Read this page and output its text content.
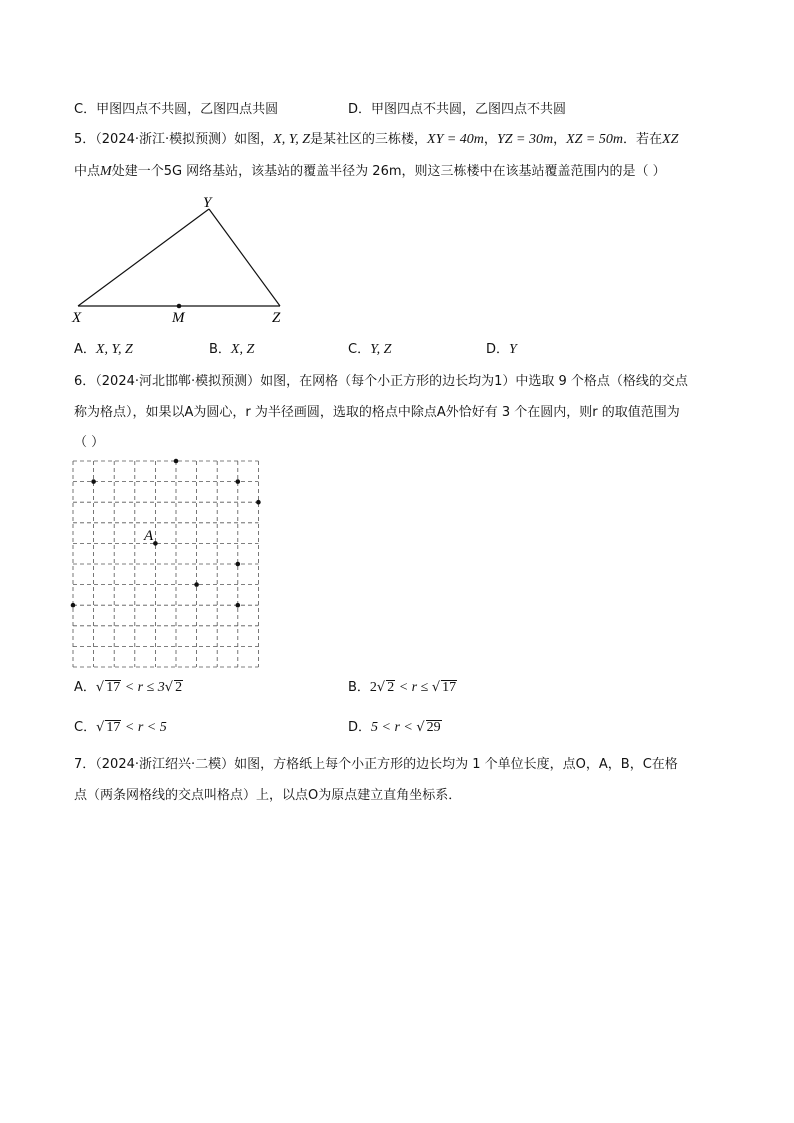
C．甲图四点不共圆，乙图四点共圆	D．甲图四点不共圆，乙图四点不共圆
5．（2024·浙江·模拟预测）如图，X, Y, Z是某社区的三栋楼，XY = 40m，YZ = 30m，XZ = 50m．若在XZ
中点M处建一个5G 网络基站，该基站的覆盖半径为 26m，则这三栋楼中在该基站覆盖范围内的是（ ）
Y
X	M	Z
A．X, Y, Z	B．X, Z	C．Y, Z	D．Y
6．（2024·河北邯郸·模拟预测）如图，在网格（每个小正方形的边长均为1）中选取 9 个格点（格线的交点
称为格点），如果以A为圆心，r 为半径画圆，选取的格点中除点A外恰好有 3 个在圆内，则r 的取值范围为
（ ）
A
A．√ 17 < r ≤ 3√ 2	B．2√ 2 < r ≤ √ 17
C．√ 17 < r < 5	D．5 < r < √ 29
7．（2024·浙江绍兴·二模）如图，方格纸上每个小正方形的边长均为 1 个单位长度，点O，A，B，C在格
点（两条网格线的交点叫格点）上，以点O为原点建立直角坐标系．
